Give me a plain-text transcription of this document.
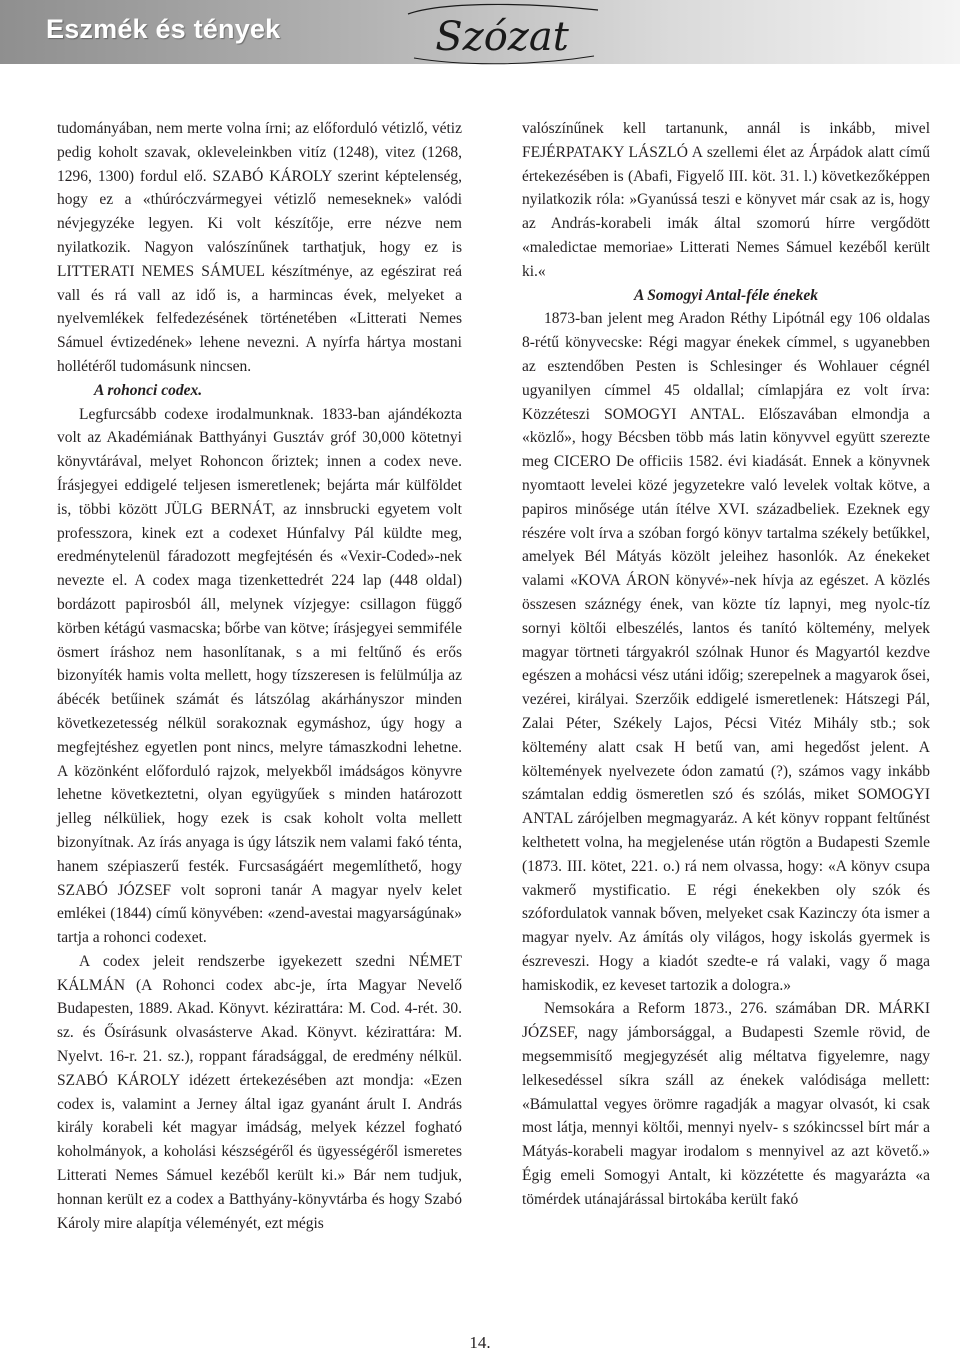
Eszmék és tények	Szózat

tudományában, nem merte volna írni; az előforduló vétizlő, vétiz pedig koholt szavak, okleveleinkben vitíz (1248), vitez (1268, 1296, 1300) fordul elő. SZABÓ KÁROLY szerint képtelenség, hogy ez a «thúróczvármegyei vétizlő nemeseknek» valódi névjegyzéke legyen. Ki volt készítője, erre nézve nem nyilatkozik. Nagyon valószínűnek tarthatjuk, hogy ez is LITTERATI NEMES SÁMUEL készítménye, az egészirat reá vall és rá vall az idő is, a harmincas évek, melyeket a nyelvemlékek felfedezésének történetében «Litterati Nemes Sámuel évtizedének» lehene nevezni. A nyírfa hártya mostani hollétéről tudomásunk nincsen.

A rohonci codex.

Legfurcsább codexe irodalmunknak. 1833-ban ajándékozta volt az Akadémiának Batthyányi Gusztáv gróf 30,000 kötetnyi könyvtárával, melyet Rohoncon őriztek; innen a codex neve. Írásjegyei eddigelé teljesen ismeretlenek; bejárta már külföldet is, többi között JÜLG BERNÁT, az innsbrucki egyetem volt professzora, kinek ezt a codexet Húnfalvy Pál küldte meg, eredménytelenül fáradozott megfejtésén és «Vexir-Coded»-nek nevezte el. A codex maga tizenkettedrét 224 lap (448 oldal) bordázott papirosból áll, melynek vízjegye: csillagon függő körben kétágú vasmacska; bőrbe van kötve; írásjegyei semmiféle ösmert íráshoz nem hasonlítanak, s a mi feltűnő és erős bizonyíték hamis volta mellett, hogy tízszeresen is felülmúlja az ábécék betűinek számát és látszólag akárhányszor minden következetesség nélkül sorakoznak egymáshoz, úgy hogy a megfejtéshez egyetlen pont nincs, melyre támaszkodni lehetne. A közönként előforduló rajzok, melyekből imádságos könyvre lehetne következtetni, olyan együgyűek s minden határozott jelleg nélküliek, hogy ezek is csak koholt volta mellett bizonyítnak. Az írás anyaga is úgy látszik nem valami fakó ténta, hanem szépiaszerű festék. Furcsaságáért megemlíthető, hogy SZABÓ JÓZSEF volt soproni tanár A magyar nyelv kelet emlékei (1844) című könyvében: «zend-avestai magyarságúnak» tartja a rohonci codexet.

A codex jeleit rendszerbe igyekezett szedni NÉMET KÁLMÁN (A Rohonci codex abc-je, írta Magyar Nevelő Budapesten, 1889. Akad. Könyvt. kézirattára: M. Cod. 4-rét. 30. sz. és Ősírásunk olvasásterve Akad. Könyvt. kézirattára: M. Nyelvt. 16-r. 21. sz.), roppant fáradsággal, de eredmény nélkül. SZABÓ KÁROLY idézett értekezésében azt mondja: «Ezen codex is, valamint a Jerney által igaz gyanánt árult I. András király korabeli két magyar imádság, melyek kézzel fogható koholmányok, a koholási készségéről és ügyességéről ismeretes Litterati Nemes Sámuel kezéből került ki.» Bár nem tudjuk, honnan került ez a codex a Batthyány-könyvtárba és hogy Szabó Károly mire alapítja véleményét, ezt mégis

valószínűnek kell tartanunk, annál is inkább, mivel FEJÉRPATAKY LÁSZLÓ A szellemi élet az Árpádok alatt című értekezésében is (Abafi, Figyelő III. köt. 31. l.) következőképpen nyilatkozik róla: »Gyanússá teszi e könyvet már csak az is, hogy az András-korabeli imák által szomorú hírre vergődött «maledictae memoriae» Litterati Nemes Sámuel kezéből került ki.«

A Somogyi Antal-féle énekek

1873-ban jelent meg Aradon Réthy Lipótnál egy 106 oldalas 8-rétű könyvecske: Régi magyar énekek címmel, s ugyanebben az esztendőben Pesten is Schlesinger és Wohlauer cégnél ugyanilyen címmel 45 oldallal; címlapjára ez volt írva: Közzéteszi SOMOGYI ANTAL. Előszavában elmondja a «közlő», hogy Bécsben több más latin könyvvel együtt szerezte meg CICERO De officiis 1582. évi kiadását. Ennek a könyvnek nyomtaott levelei közé jegyzetekre való levelek voltak kötve, a papiros minősége után ítélve XVI. századbeliek. Ezeknek egy részére volt írva a szóban forgó könyv tartalma székely betűkkel, amelyek Bél Mátyás közölt jeleihez hasonlók. Az énekeket valami «KOVA ÁRON könyvé»-nek hívja az egészet. A közlés összesen száznégy ének, van közte tíz lapnyi, meg nyolc-tíz sornyi költői elbeszélés, lantos és tanító költemény, melyek magyar törtneti tárgyakról szólnak Hunor és Magyartól kezdve egészen a mohácsi vész utáni időig; szerepelnek a magyarok ősei, vezérei, királyai. Szerzőik eddigelé ismeretlenek: Hátszegi Pál, Zalai Péter, Székely Lajos, Pécsi Vitéz Mihály stb.; sok költemény alatt csak H betű van, ami hegedőst jelent. A költemények nyelvezete ódon zamatú (?), számos vagy inkább számtalan eddig ösmeretlen szó és szólás, miket SOMOGYI ANTAL zárójelben megmagyaráz. A két könyv roppant feltűnést kelthetett volna, ha megjelenése után rögtön a Budapesti Szemle (1873. III. kötet, 221. o.) rá nem olvassa, hogy: «A könyv csupa vakmerő mystificatio. E régi énekekben oly szók és szófordulatok vannak bőven, melyeket csak Kazinczy óta ismer a magyar nyelv. Az ámítás oly világos, hogy iskolás gyermek is észreveszi. Hogy a kiadót szedte-e rá valaki, vagy ő maga hamiskodik, ez keveset tartozik a dologra.»

Nemsokára a Reform 1873., 276. számában DR. MÁRKI JÓZSEF, nagy jámborsággal, a Budapesti Szemle rövid, de megsemmisítő megjegyzését alig méltatva figyelemre, nagy lelkesedéssel síkra száll az énekek valódisága mellett: «Bámulattal vegyes örömre ragadják a magyar olvasót, ki csak most látja, mennyi költői, mennyi nyelv- s szókincssel bírt már a Mátyás-korabeli magyar irodalom s mennyivel az azt követő.» Égig emeli Somogyi Antalt, ki közzétette és magyarázta «a tömérdek utánajárással birtokába került fakó

14.
